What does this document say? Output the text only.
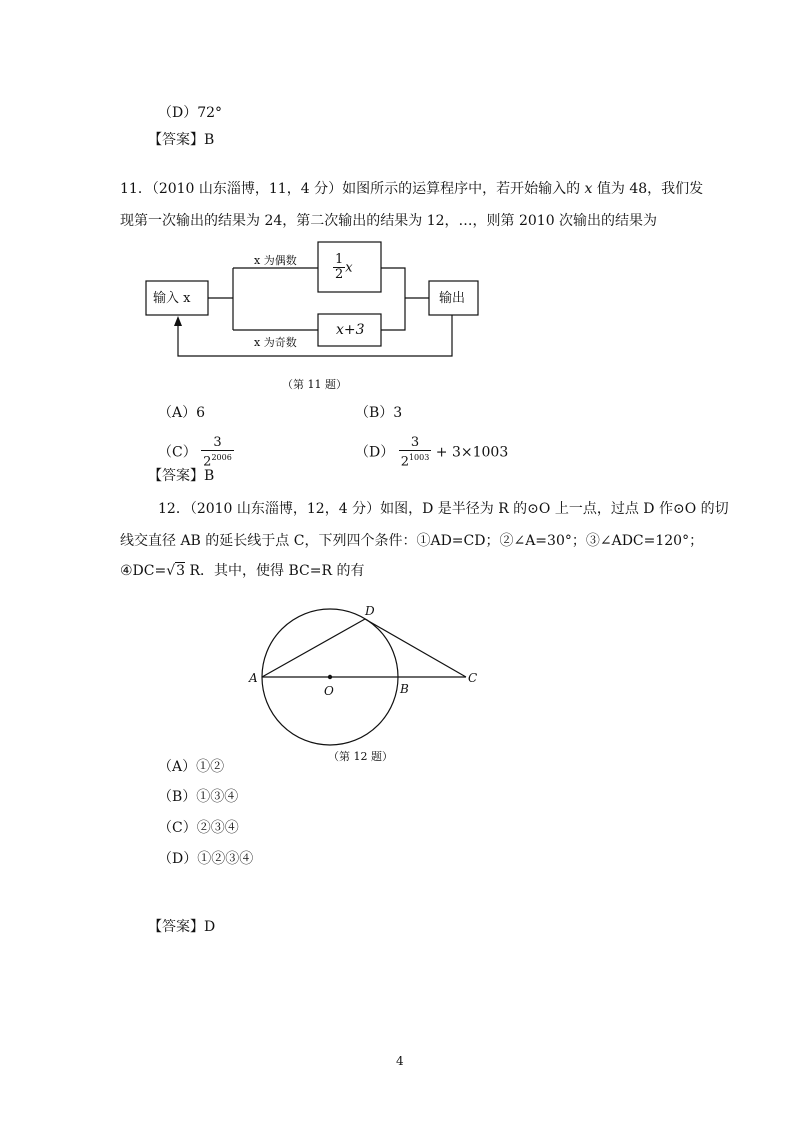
（D）72°
【答案】B
11．（2010 山东淄博，11，4 分）如图所示的运算程序中，若开始输入的 x 值为 48，我们发
现第一次输出的结果为 24，第二次输出的结果为 12，…，则第 2010 次输出的结果为
输入 x
x 为偶数
x 为奇数
$\frac{1}{2}$ x
x+3
输出
（第 11 题）
（A）6	（B）3
$(C) \frac{3}{2^{2006}}$	$(D) \frac{3}{2^{1003}} + 3\times 1003$
【答案】B
12．（2010 山东淄博，12，4 分）如图，D 是半径为 R 的⊙O 上一点，过点 D 作⊙O 的切
线交直径 AB 的延长线于点 C，下列四个条件：①AD=CD；②∠A=30°；③∠ADC=120°；
④DC=√3 R．其中，使得 BC=R 的有
A
B
C
D
O
（第 12 题）
（A）①②
（B）①③④
（C）②③④
（D）①②③④
【答案】D
4
